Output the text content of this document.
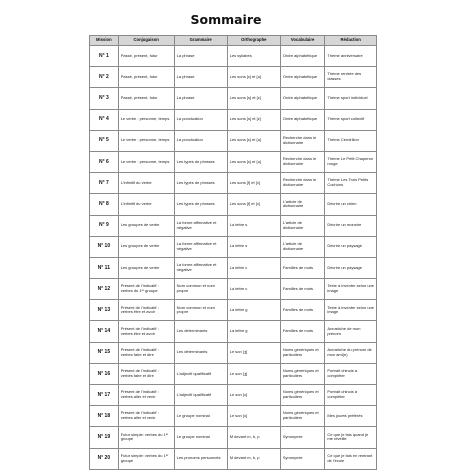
Sommaire
Mission	Conjugaison	Grammaire	Orthographe	Vocabulaire	Rédaction
N° 1	Passé, présent, futur	La phrase	Les syllabes	Ordre alphabétique	Thème anniversaire
N° 2	Passé, présent, futur	La phrase	Les sons [ɛ] et [ə]	Ordre alphabétique	Thème rentrée des classes
N° 3	Passé, présent, futur	La phrase	Les sons [s] et [z]	Ordre alphabétique	Thème sport individuel
N° 4	Le verbe : personne, temps	La ponctuation	Les sons [s] et [z]	Ordre alphabétique	Thème sport collectif
N° 5	Le verbe : personne, temps	La ponctuation	Les sons [ɛ] et [ə]	Recherche dans le dictionnaire	Thème Cendrillon
N° 6	Le verbe : personne, temps	Les types de phrases	Les sons [ɛ] et [ə]	Recherche dans le dictionnaire	Thème Le Petit Chaperon rouge
N° 7	L’infinitif du verbe	Les types de phrases	Les sons [f] et [v]	Recherche dans le dictionnaire	Thème Les Trois Petits Cochons
N° 8	L’infinitif du verbe	Les types de phrases	Les sons [f] et [v]	L’article de dictionnaire	Décrire un chien
N° 9	Les groupes de verbe	La forme affirmative et négative	La lettre s	L’article de dictionnaire	Décrire un monstre
N° 10	Les groupes de verbe	La forme affirmative et négative	La lettre s	L’article de dictionnaire	Décrire un paysage
N° 11	Les groupes de verbe	La forme affirmative et négative	La lettre c	Familles de mots	Décrire un paysage
N° 12	Présent de l’indicatif : verbes du 1ᵉʳ groupe	Nom commun et nom propre	La lettre c	Familles de mots	Texte à inventer selon une image
N° 13	Présent de l’indicatif : verbes être et avoir	Nom commun et nom propre	La lettre g	Familles de mots	Texte à inventer selon une image
N° 14	Présent de l’indicatif : verbes être et avoir	Les déterminants	La lettre g	Familles de mots	Acrostiche de mon prénom
N° 15	Présent de l’indicatif : verbes faire et dire	Les déterminants	Le son [ʒ]	Noms génériques et particuliers	Acrostiche du prénom de mon ami(e)
N° 16	Présent de l’indicatif : verbes faire et dire	L’adjectif qualificatif	Le son [ʒ]	Noms génériques et particuliers	Portrait chinois à compléter
N° 17	Présent de l’indicatif : verbes aller et venir	L’adjectif qualificatif	Le son [ɔ]	Noms génériques et particuliers	Portrait chinois à compléter
N° 18	Présent de l’indicatif : verbes aller et venir	Le groupe nominal	Le son [ɔ]	Noms génériques et particuliers	Mes jouets préférés
N° 19	Futur simple: verbes du 1ᵉʳ groupe	Le groupe nominal	M devant m, b, p	Synonymie	Ce que je fais quand je me réveille
N° 20	Futur simple: verbes du 1ᵉʳ groupe	Les pronoms personnels	M devant m, b, p	Synonymie	Ce que je fais en rentrant de l’école
